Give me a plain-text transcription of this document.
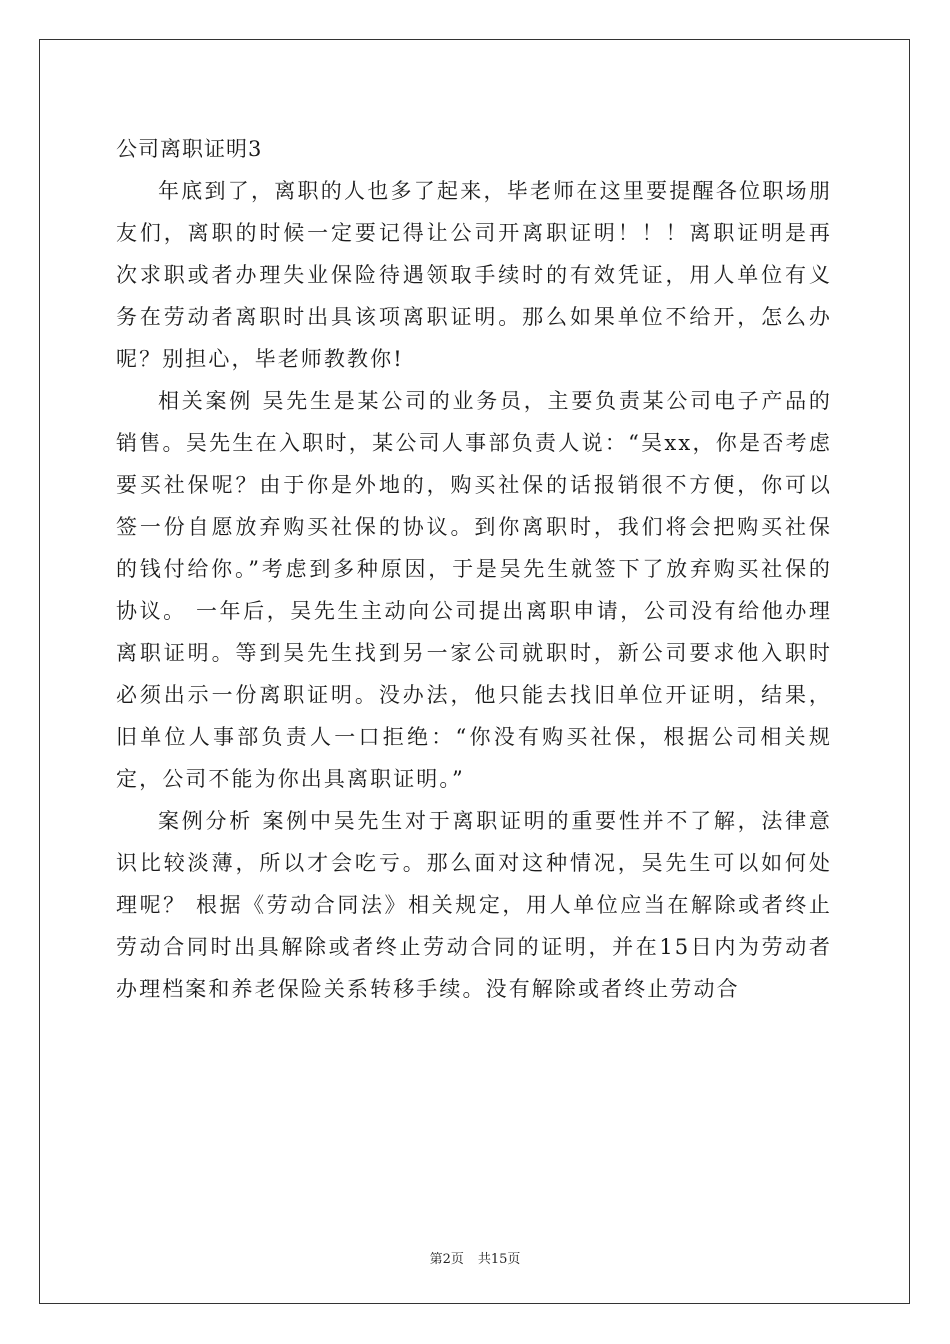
公司离职证明3

年底到了，离职的人也多了起来，毕老师在这里要提醒各位职场朋友们，离职的时候一定要记得让公司开离职证明！！！离职证明是再次求职或者办理失业保险待遇领取手续时的有效凭证，用人单位有义务在劳动者离职时出具该项离职证明。那么如果单位不给开，怎么办呢？别担心，毕老师教教你!

相关案例 吴先生是某公司的业务员，主要负责某公司电子产品的销售。吴先生在入职时，某公司人事部负责人说：“吴xx，你是否考虑要买社保呢？由于你是外地的，购买社保的话报销很不方便，你可以签一份自愿放弃购买社保的协议。到你离职时，我们将会把购买社保的钱付给你。”考虑到多种原因，于是吴先生就签下了放弃购买社保的协议。 一年后，吴先生主动向公司提出离职申请，公司没有给他办理离职证明。等到吴先生找到另一家公司就职时，新公司要求他入职时必须出示一份离职证明。没办法，他只能去找旧单位开证明，结果，旧单位人事部负责人一口拒绝：“你没有购买社保，根据公司相关规定，公司不能为你出具离职证明。”

案例分析 案例中吴先生对于离职证明的重要性并不了解，法律意识比较淡薄，所以才会吃亏。那么面对这种情况，吴先生可以如何处理呢？ 根据《劳动合同法》相关规定，用人单位应当在解除或者终止劳动合同时出具解除或者终止劳动合同的证明，并在15日内为劳动者办理档案和养老保险关系转移手续。没有解除或者终止劳动合

第2页 共15页
